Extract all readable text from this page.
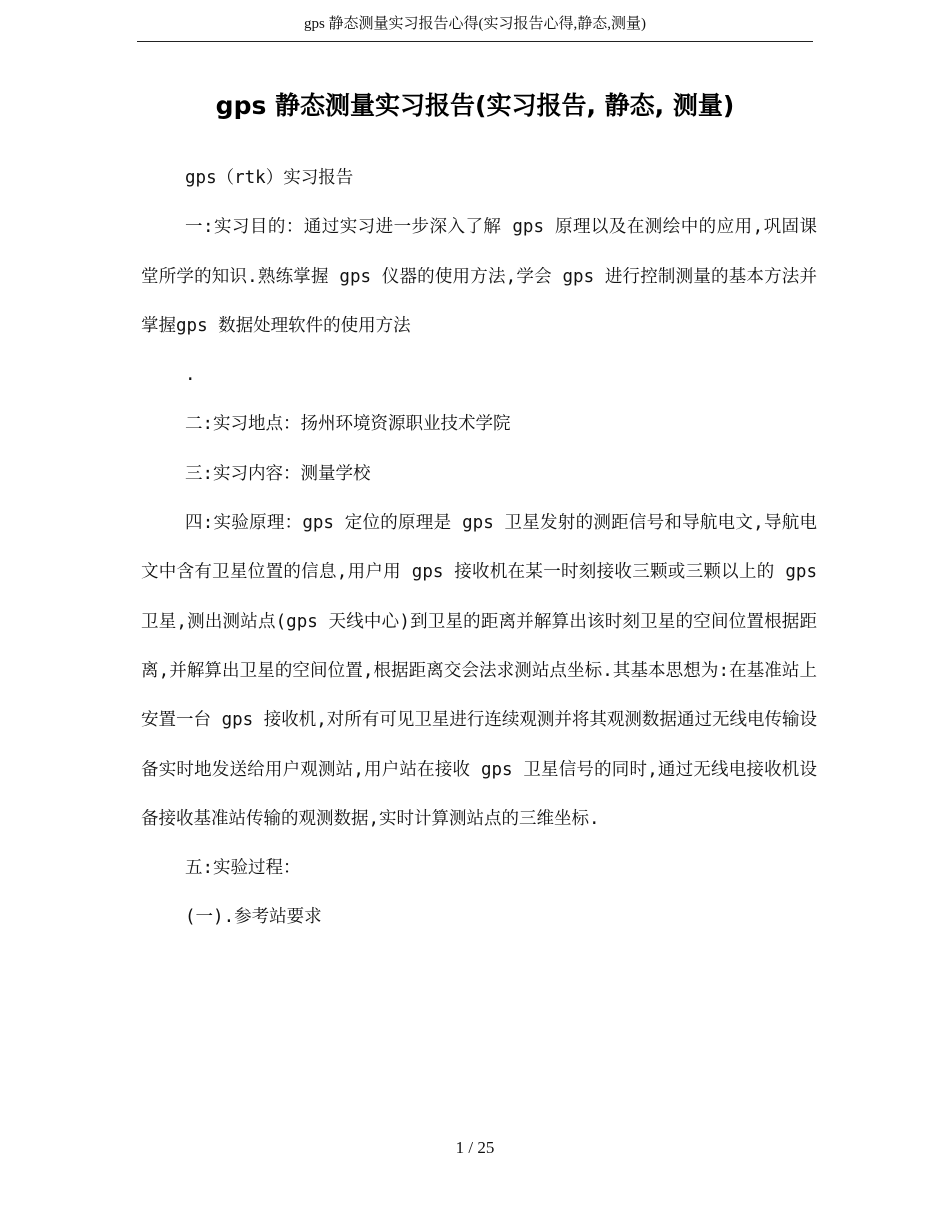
gps 静态测量实习报告心得(实习报告心得,静态,测量)
gps 静态测量实习报告(实习报告, 静态, 测量)

gps（rtk）实习报告

一:实习目的：通过实习进一步深入了解 gps 原理以及在测绘中的应用,巩固课堂所学的知识.熟练掌握 gps 仪器的使用方法,学会 gps 进行控制测量的基本方法并掌握gps 数据处理软件的使用方法

.

二:实习地点：扬州环境资源职业技术学院

三:实习内容：测量学校

四:实验原理：gps 定位的原理是 gps 卫星发射的测距信号和导航电文,导航电文中含有卫星位置的信息,用户用 gps 接收机在某一时刻接收三颗或三颗以上的 gps 卫星,测出测站点(gps 天线中心)到卫星的距离并解算出该时刻卫星的空间位置根据距离,并解算出卫星的空间位置,根据距离交会法求测站点坐标.其基本思想为:在基准站上安置一台 gps 接收机,对所有可见卫星进行连续观测并将其观测数据通过无线电传输设备实时地发送给用户观测站,用户站在接收 gps 卫星信号的同时,通过无线电接收机设备接收基准站传输的观测数据,实时计算测站点的三维坐标.

五:实验过程：

(一).参考站要求

1 / 25
